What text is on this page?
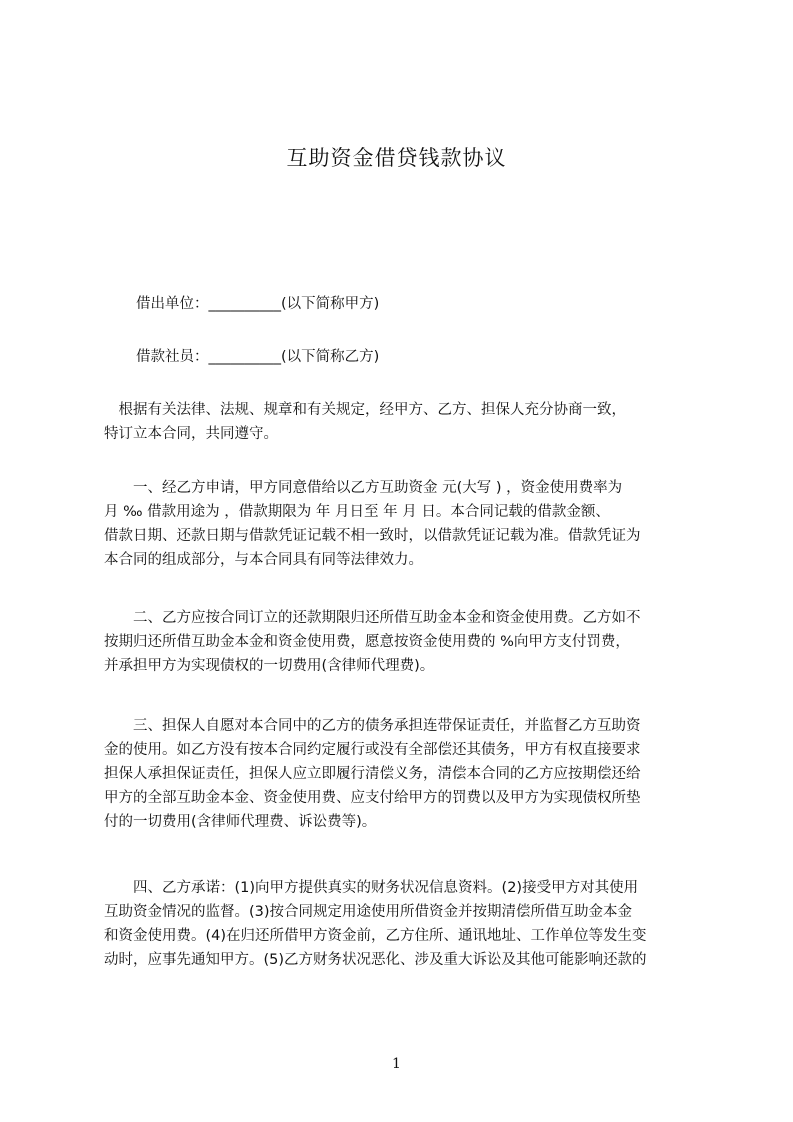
互助资金借贷钱款协议
借出单位：__________(以下简称甲方)
借款社员：__________(以下简称乙方)
　根据有关法律、法规、规章和有关规定，经甲方、乙方、担保人充分协商一致，
特订立本合同，共同遵守。
　　一、经乙方申请，甲方同意借给以乙方互助资金 元(大写 ) ，资金使用费率为
月 ‰ 借款用途为 ，借款期限为 年 月日至 年 月 日。本合同记载的借款金额、
借款日期、还款日期与借款凭证记载不相一致时，以借款凭证记载为准。借款凭证为
本合同的组成部分，与本合同具有同等法律效力。
　　二、乙方应按合同订立的还款期限归还所借互助金本金和资金使用费。乙方如不
按期归还所借互助金本金和资金使用费，愿意按资金使用费的 %向甲方支付罚费，
并承担甲方为实现债权的一切费用(含律师代理费)。
　　三、担保人自愿对本合同中的乙方的债务承担连带保证责任，并监督乙方互助资
金的使用。如乙方没有按本合同约定履行或没有全部偿还其债务，甲方有权直接要求
担保人承担保证责任，担保人应立即履行清偿义务，清偿本合同的乙方应按期偿还给
甲方的全部互助金本金、资金使用费、应支付给甲方的罚费以及甲方为实现债权所垫
付的一切费用(含律师代理费、诉讼费等)。
　　四、乙方承诺：(1)向甲方提供真实的财务状况信息资料。(2)接受甲方对其使用
互助资金情况的监督。(3)按合同规定用途使用所借资金并按期清偿所借互助金本金
和资金使用费。(4)在归还所借甲方资金前，乙方住所、通讯地址、工作单位等发生变
动时，应事先通知甲方。(5)乙方财务状况恶化、涉及重大诉讼及其他可能影响还款的
1
